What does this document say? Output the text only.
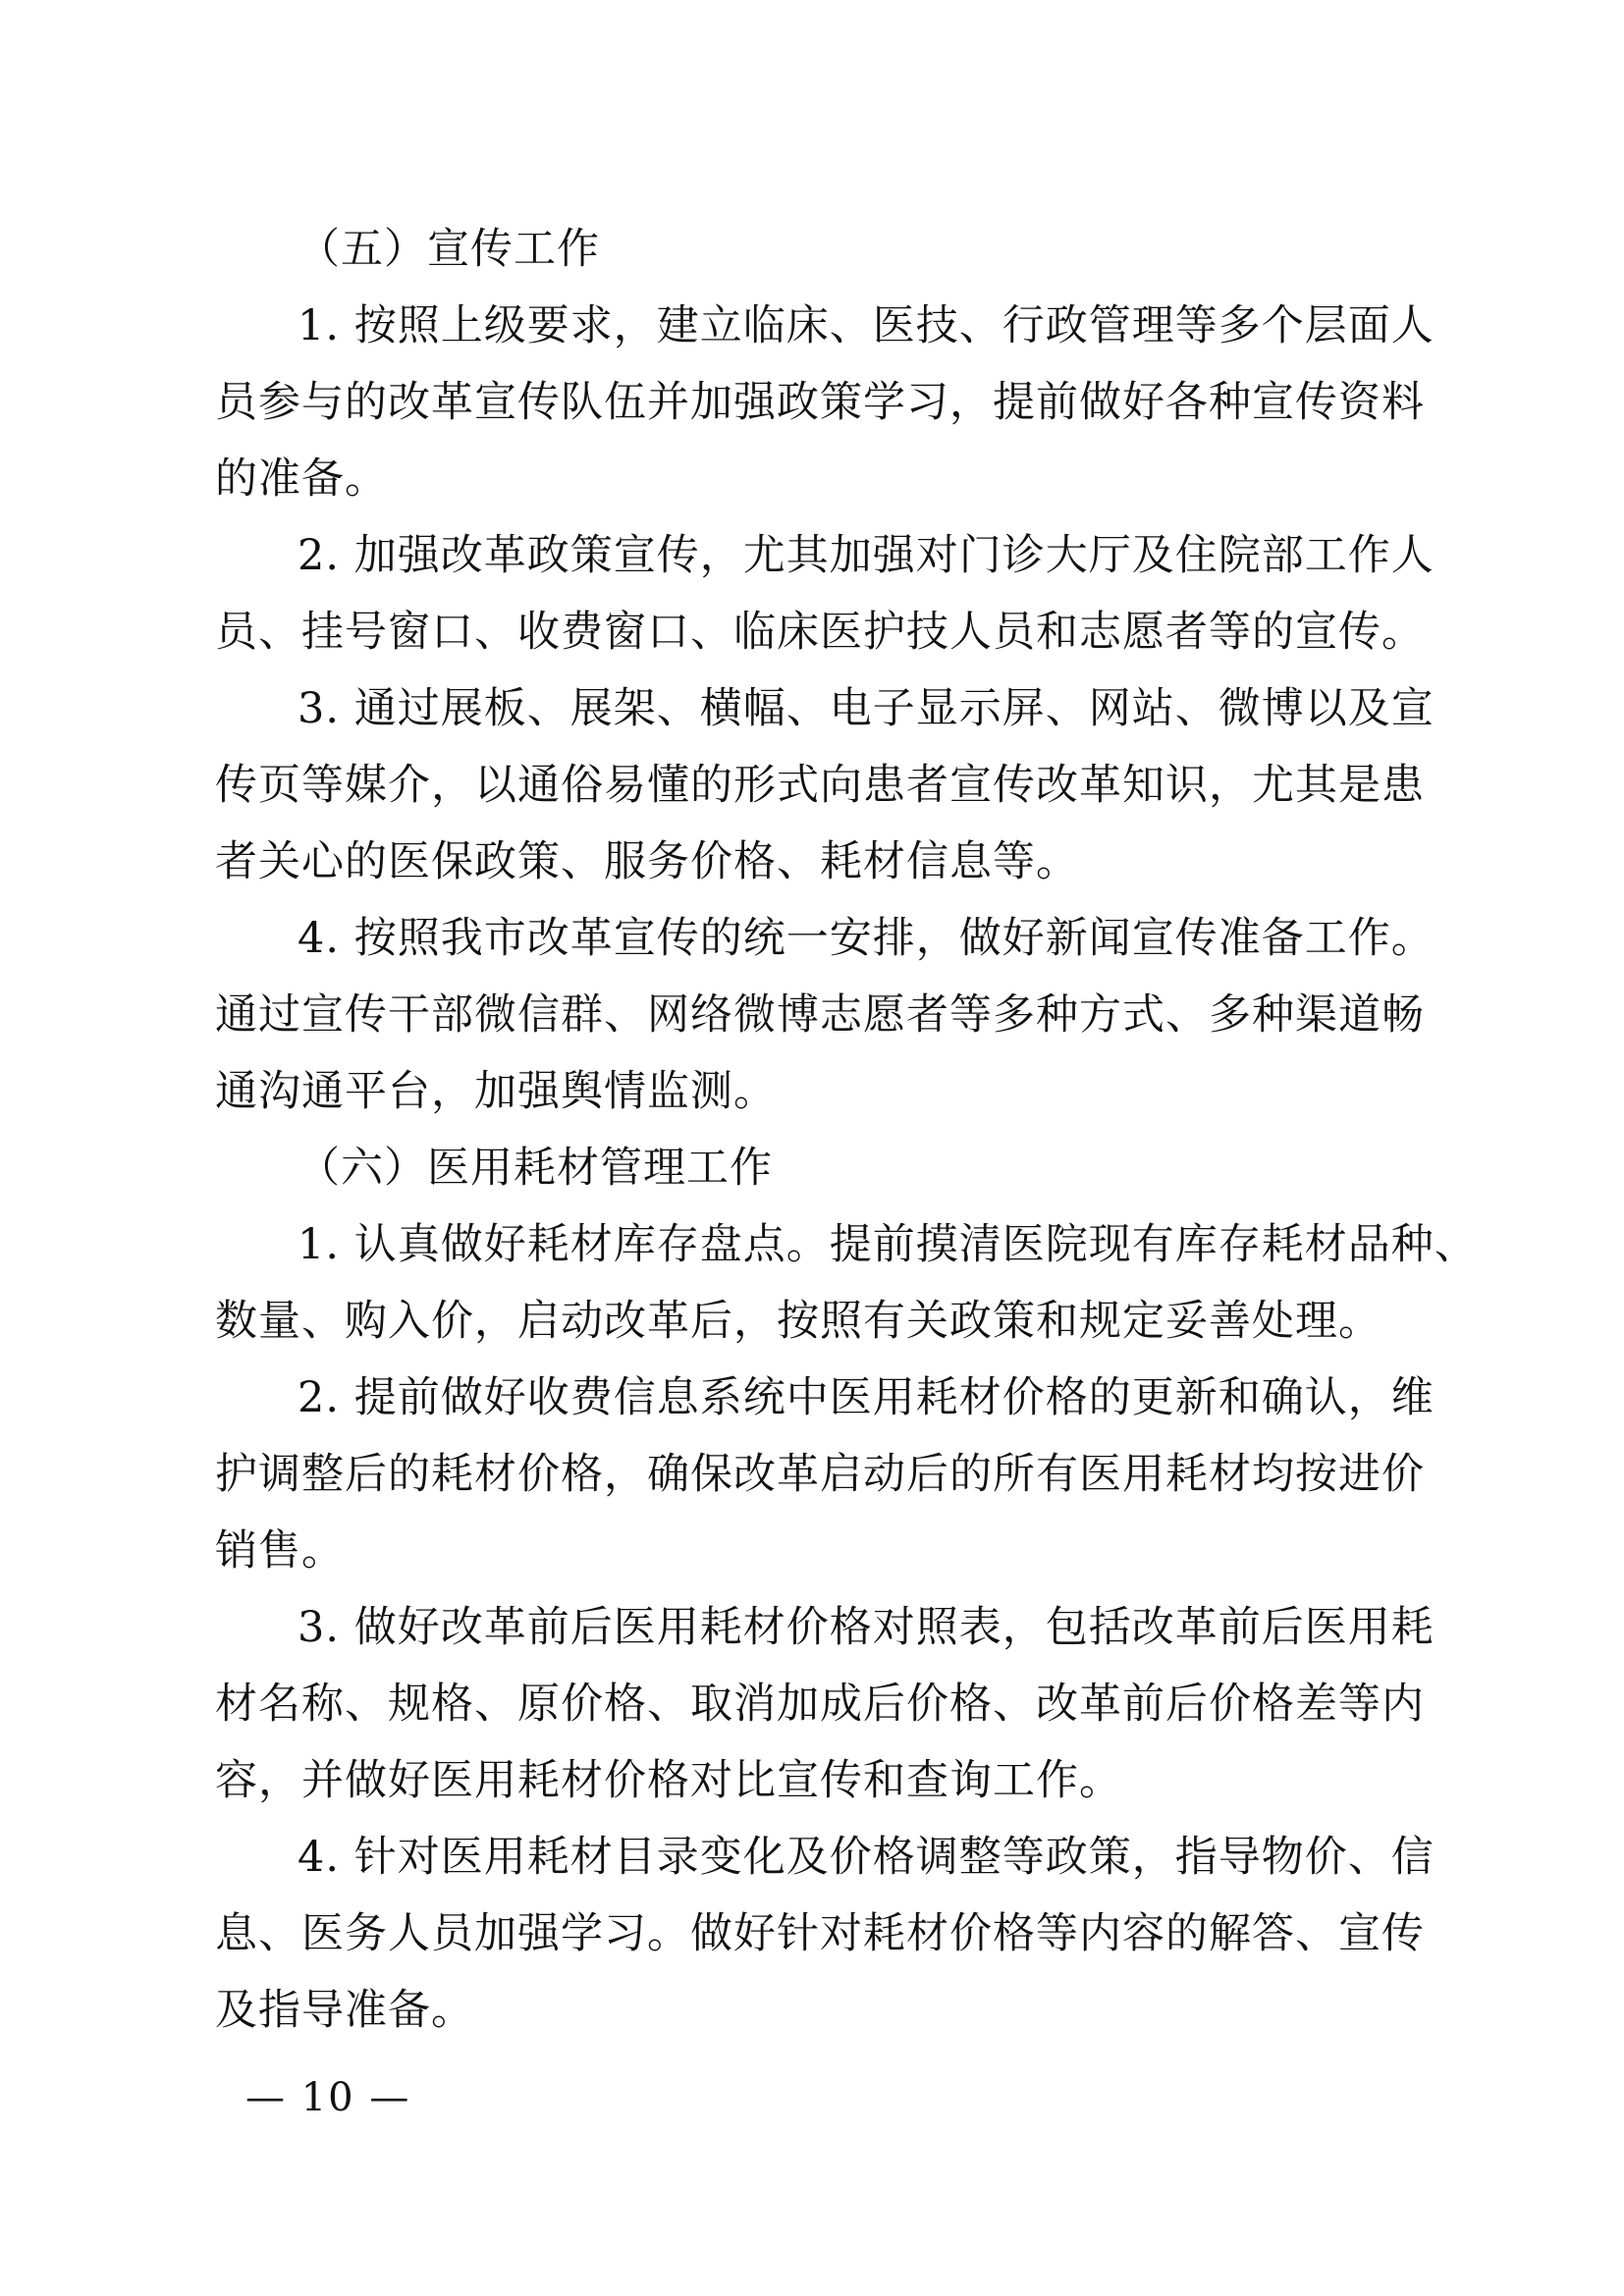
（五）宣传工作
1. 按照上级要求，建立临床、医技、行政管理等多个层面人
员参与的改革宣传队伍并加强政策学习，提前做好各种宣传资料
的准备。
2. 加强改革政策宣传，尤其加强对门诊大厅及住院部工作人
员、挂号窗口、收费窗口、临床医护技人员和志愿者等的宣传。
3. 通过展板、展架、横幅、电子显示屏、网站、微博以及宣
传页等媒介，以通俗易懂的形式向患者宣传改革知识，尤其是患
者关心的医保政策、服务价格、耗材信息等。
4. 按照我市改革宣传的统一安排，做好新闻宣传准备工作。
通过宣传干部微信群、网络微博志愿者等多种方式、多种渠道畅
通沟通平台，加强舆情监测。
（六）医用耗材管理工作
1. 认真做好耗材库存盘点。提前摸清医院现有库存耗材品种、
数量、购入价，启动改革后，按照有关政策和规定妥善处理。
2. 提前做好收费信息系统中医用耗材价格的更新和确认，维
护调整后的耗材价格，确保改革启动后的所有医用耗材均按进价
销售。
3. 做好改革前后医用耗材价格对照表，包括改革前后医用耗
材名称、规格、原价格、取消加成后价格、改革前后价格差等内
容，并做好医用耗材价格对比宣传和查询工作。
4. 针对医用耗材目录变化及价格调整等政策，指导物价、信
息、医务人员加强学习。做好针对耗材价格等内容的解答、宣传
及指导准备。
— 10 —
